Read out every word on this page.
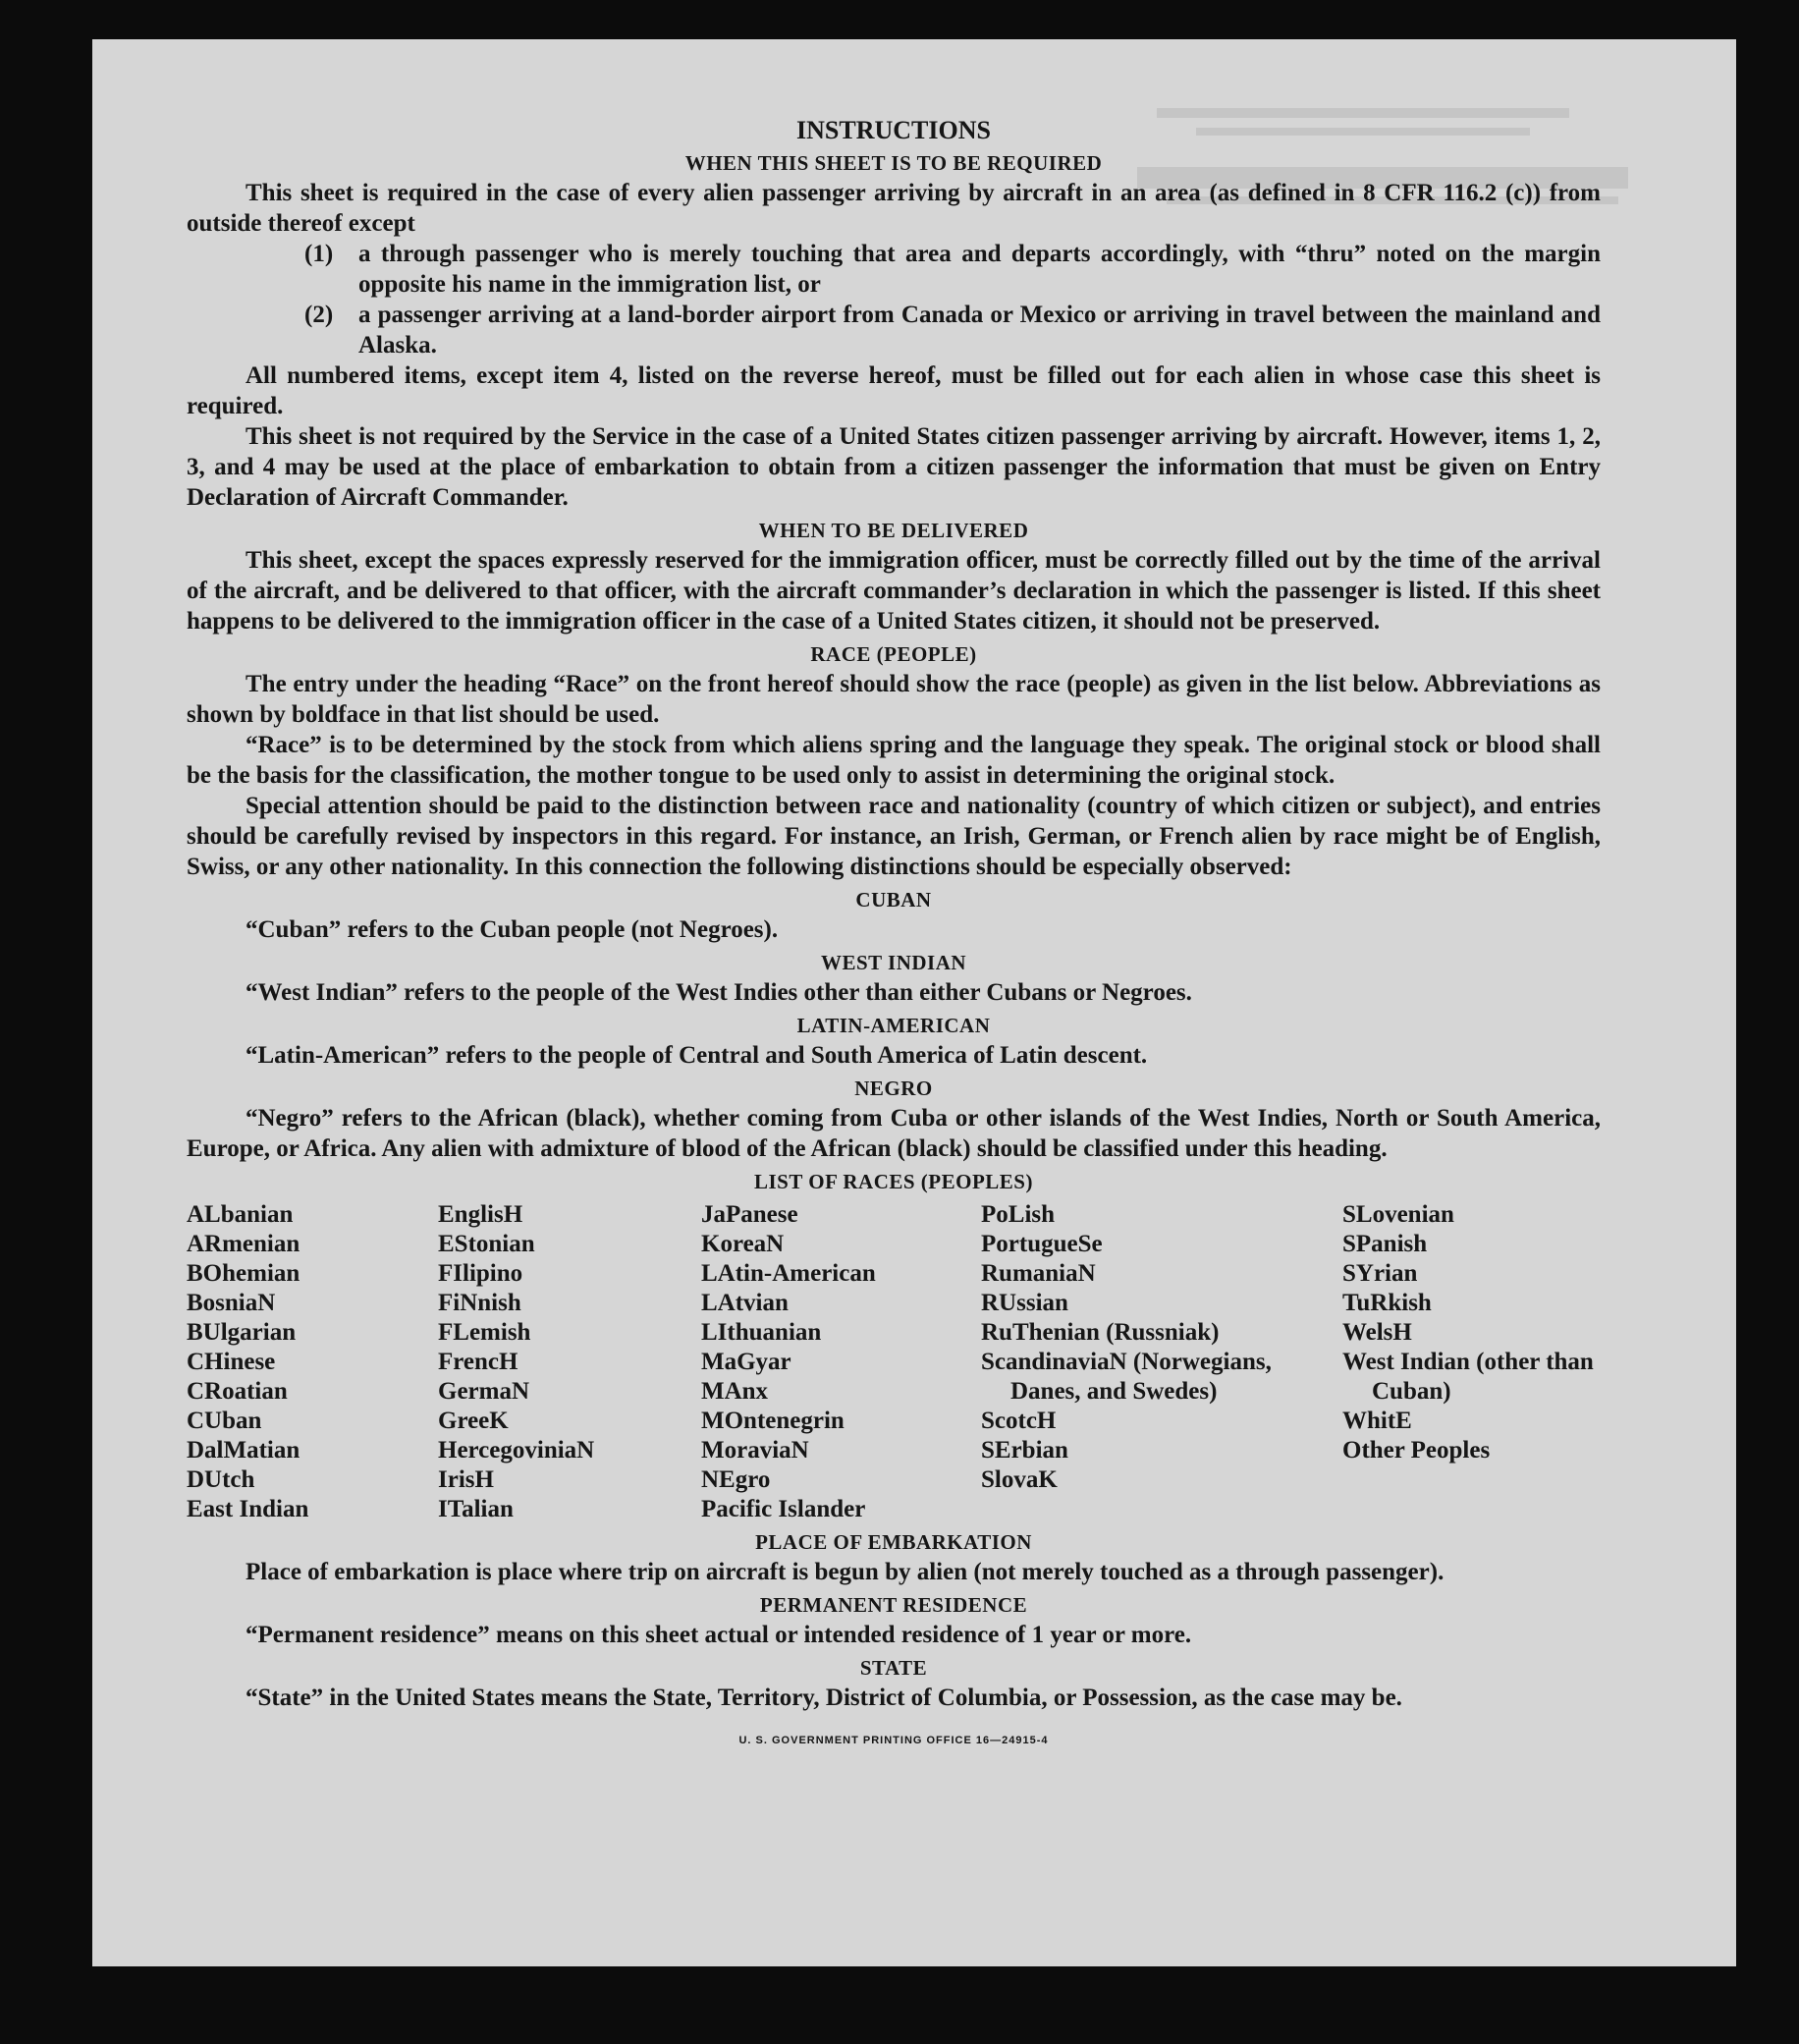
INSTRUCTIONS
WHEN THIS SHEET IS TO BE REQUIRED

This sheet is required in the case of every alien passenger arriving by aircraft in an area (as defined in 8 CFR 116.2 (c)) from outside thereof except

(1)	a through passenger who is merely touching that area and departs accordingly, with “thru” noted on the margin opposite his name in the immigration list, or
(2)	a passenger arriving at a land-border airport from Canada or Mexico or arriving in travel between the mainland and Alaska.

All numbered items, except item 4, listed on the reverse hereof, must be filled out for each alien in whose case this sheet is required.

This sheet is not required by the Service in the case of a United States citizen passenger arriving by aircraft. However, items 1, 2, 3, and 4 may be used at the place of embarkation to obtain from a citizen passenger the information that must be given on Entry Declaration of Aircraft Commander.

WHEN TO BE DELIVERED

This sheet, except the spaces expressly reserved for the immigration officer, must be correctly filled out by the time of the arrival of the aircraft, and be delivered to that officer, with the aircraft commander’s declaration in which the passenger is listed. If this sheet happens to be delivered to the immigration officer in the case of a United States citizen, it should not be preserved.

RACE (PEOPLE)

The entry under the heading “Race” on the front hereof should show the race (people) as given in the list below. Abbreviations as shown by boldface in that list should be used.

“Race” is to be determined by the stock from which aliens spring and the language they speak. The original stock or blood shall be the basis for the classification, the mother tongue to be used only to assist in determining the original stock.

Special attention should be paid to the distinction between race and nationality (country of which citizen or subject), and entries should be carefully revised by inspectors in this regard. For instance, an Irish, German, or French alien by race might be of English, Swiss, or any other nationality. In this connection the following distinctions should be especially observed:

CUBAN

“Cuban” refers to the Cuban people (not Negroes).

WEST INDIAN

“West Indian” refers to the people of the West Indies other than either Cubans or Negroes.

LATIN-AMERICAN

“Latin-American” refers to the people of Central and South America of Latin descent.

NEGRO

“Negro” refers to the African (black), whether coming from Cuba or other islands of the West Indies, North or South America, Europe, or Africa. Any alien with admixture of blood of the African (black) should be classified under this heading.

LIST OF RACES (PEOPLES)
ALbanian
ARmenian
BOhemian
BosniaN
BUlgarian
CHinese
CRoatian
CUban
DalMatian
DUtch
East Indian
EnglisH
EStonian
FIlipino
FiNnish
FLemish
FrencH
GermaN
GreeK
HercegoviniaN
IrisH
ITalian
JaPanese
KoreaN
LAtin-American
LAtvian
LIthuanian
MaGyar
MAnx
MOntenegrin
MoraviaN
NEgro
Pacific Islander
PoLish
PortugueSe
RumaniaN
RUssian
RuThenian (Russniak)
ScandinaviaN (Norwegians, Danes, and Swedes)
ScotcH
SErbian
SlovaK
SLovenian
SPanish
SYrian
TuRkish
WelsH
West Indian (other than Cuban)
WhitE
Other Peoples
PLACE OF EMBARKATION

Place of embarkation is place where trip on aircraft is begun by alien (not merely touched as a through passenger).

PERMANENT RESIDENCE

“Permanent residence” means on this sheet actual or intended residence of 1 year or more.

STATE

“State” in the United States means the State, Territory, District of Columbia, or Possession, as the case may be.

U. S. GOVERNMENT PRINTING OFFICE 16—24915-4
